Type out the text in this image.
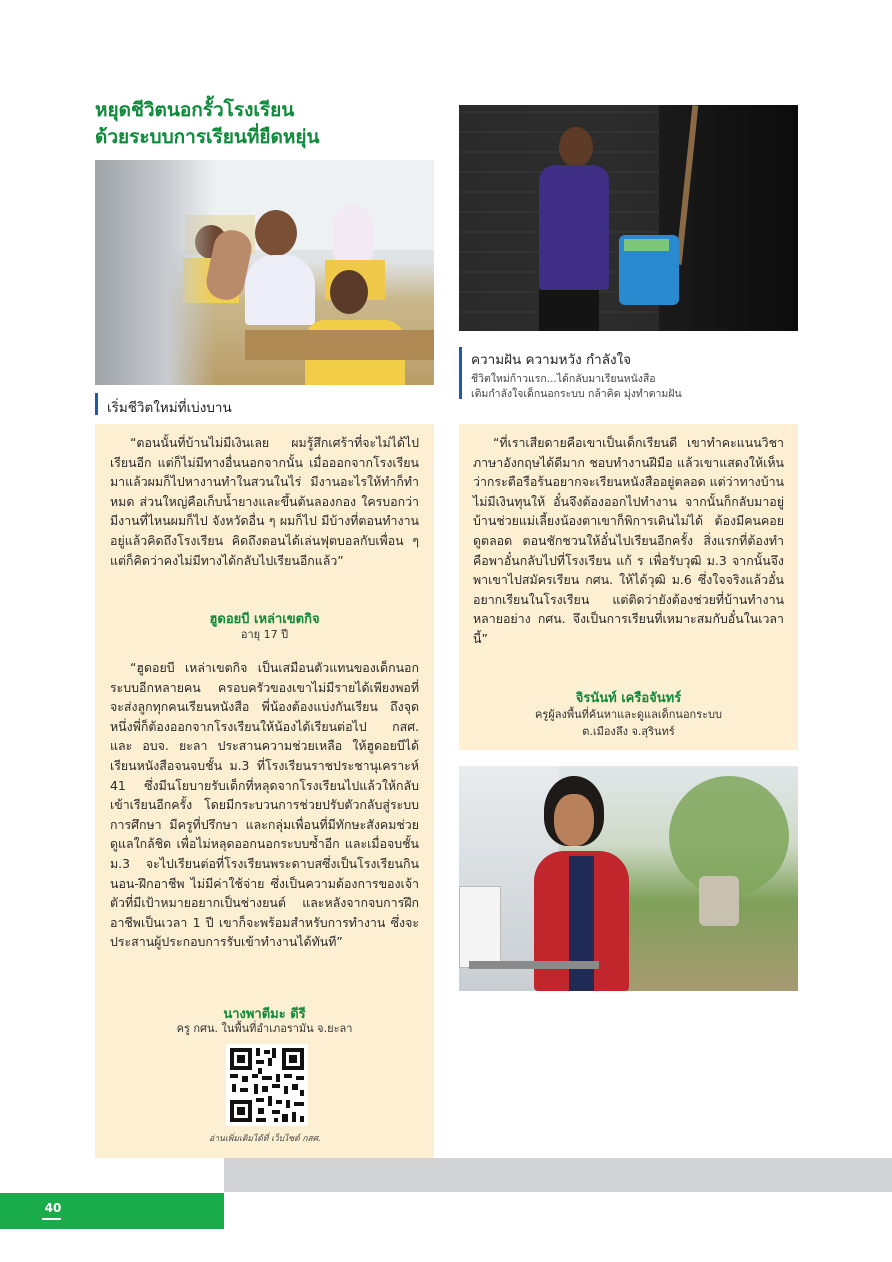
หยุดชีวิตนอกรั้วโรงเรียน
ด้วยระบบการเรียนที่ยืดหยุ่น
เริ่มชีวิตใหม่ที่เบ่งบาน
“ตอนนั้นที่บ้านไม่มีเงินเลย ผมรู้สึกเศร้าที่จะไม่ได้ไปเรียนอีก แต่ก็ไม่มีทางอื่นนอกจากนั้น เมื่อออกจากโรงเรียนมาแล้วผมก็ไปหางานทำในสวนในไร่ มีงานอะไรให้ทำก็ทำหมด ส่วนใหญ่คือเก็บน้ำยางและขึ้นต้นลองกอง ใครบอกว่ามีงานที่ไหนผมก็ไป จังหวัดอื่น ๆ ผมก็ไป มีบ้างที่ตอนทำงานอยู่แล้วคิดถึงโรงเรียน คิดถึงตอนได้เล่นฟุตบอลกับเพื่อน ๆ แต่ก็คิดว่าคงไม่มีทางได้กลับไปเรียนอีกแล้ว”
ฮูดอยบี เหล่าเขตกิจ
อายุ 17 ปี
“ฮูดอยบี เหล่าเขตกิจ เป็นเสมือนตัวแทนของเด็กนอกระบบอีกหลายคน ครอบครัวของเขาไม่มีรายได้เพียงพอที่จะส่งลูกทุกคนเรียนหนังสือ พี่น้องต้องแบ่งกันเรียน ถึงจุดหนึ่งพี่ก็ต้องออกจากโรงเรียนให้น้องได้เรียนต่อไป กสศ. และ อบจ. ยะลา ประสานความช่วยเหลือ ให้ฮูดอยบีได้เรียนหนังสือจนจบชั้น ม.3 ที่โรงเรียนราชประชานุเคราะห์ 41 ซึ่งมีนโยบายรับเด็กที่หลุดจากโรงเรียนไปแล้วให้กลับเข้าเรียนอีกครั้ง โดยมีกระบวนการช่วยปรับตัวกลับสู่ระบบการศึกษา มีครูที่ปรึกษา และกลุ่มเพื่อนที่มีทักษะสังคมช่วยดูแลใกล้ชิด เพื่อไม่หลุดออกนอกระบบซ้ำอีก และเมื่อจบชั้น ม.3 จะไปเรียนต่อที่โรงเรียนพระดาบสซึ่งเป็นโรงเรียนกินนอน-ฝึกอาชีพ ไม่มีค่าใช้จ่าย ซึ่งเป็นความต้องการของเจ้าตัวที่มีเป้าหมายอยากเป็นช่างยนต์ และหลังจากจบการฝึกอาชีพเป็นเวลา 1 ปี เขาก็จะพร้อมสำหรับการทำงาน ซึ่งจะประสานผู้ประกอบการรับเข้าทำงานได้ทันที”
นางพาตีมะ ดีรี
ครู กศน. ในพื้นที่อำเภอรามัน จ.ยะลา
อ่านเพิ่มเติมได้ที่ เว็บไซต์ กสศ.
ความฝัน ความหวัง กำลังใจ
ชีวิตใหม่ก้าวแรก...ได้กลับมาเรียนหนังสือ
เติมกำลังใจเด็กนอกระบบ กล้าคิด มุ่งทำตามฝัน
“ที่เราเสียดายคือเขาเป็นเด็กเรียนดี เขาทำคะแนนวิชาภาษาอังกฤษได้ดีมาก ชอบทำงานฝีมือ แล้วเขาแสดงให้เห็นว่ากระตือรือร้นอยากจะเรียนหนังสืออยู่ตลอด แต่ว่าทางบ้านไม่มีเงินทุนให้ อั๋นจึงต้องออกไปทำงาน จากนั้นก็กลับมาอยู่บ้านช่วยแม่เลี้ยงน้องตาเขาก็พิการเดินไม่ได้ ต้องมีคนคอยดูตลอด ตอนชักชวนให้อั๋นไปเรียนอีกครั้ง สิ่งแรกที่ต้องทำคือพาอั๋นกลับไปที่โรงเรียน แก้ ร เพื่อรับวุฒิ ม.3 จากนั้นจึงพาเขาไปสมัครเรียน กศน. ให้ได้วุฒิ ม.6 ซึ่งใจจริงแล้วอั๋นอยากเรียนในโรงเรียน แต่ติดว่ายังต้องช่วยที่บ้านทำงานหลายอย่าง กศน. จึงเป็นการเรียนที่เหมาะสมกับอั๋นในเวลานี้”
จิรนันท์ เครือจันทร์
ครูผู้ลงพื้นที่ค้นหาและดูแลเด็กนอกระบบ
ต.เมืองลึง จ.สุรินทร์
40
